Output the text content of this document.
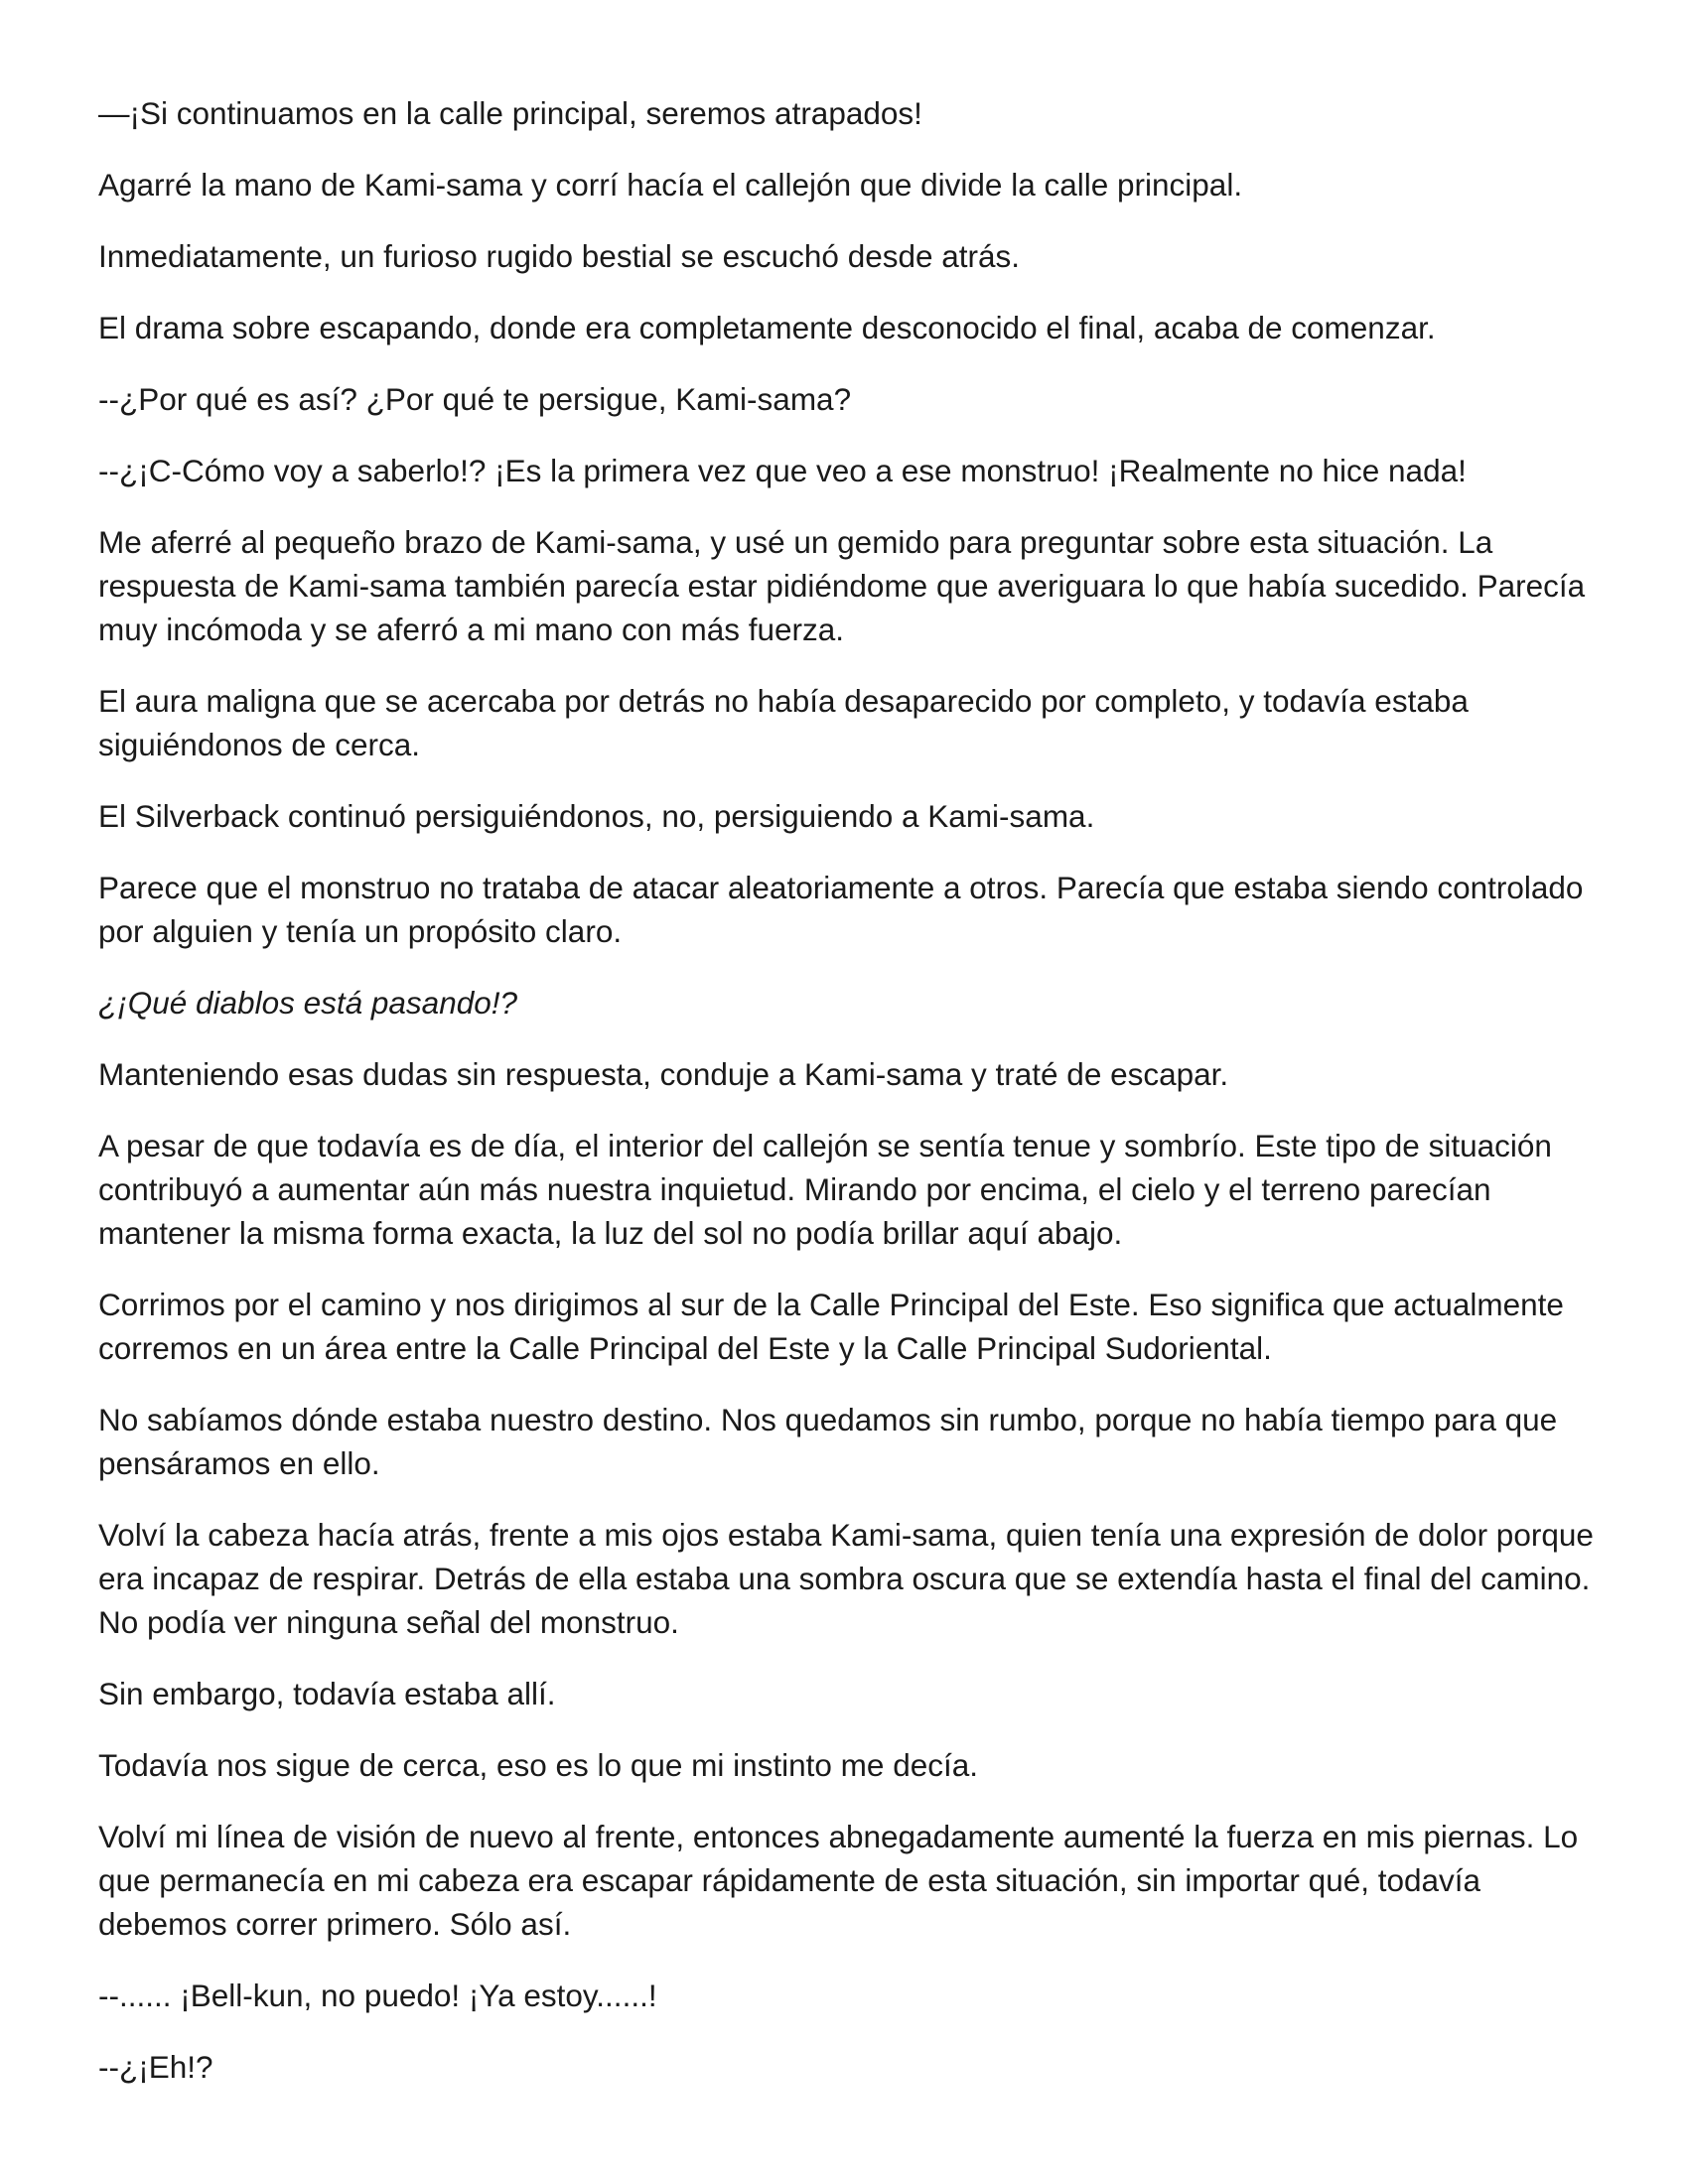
—¡Si continuamos en la calle principal, seremos atrapados!

Agarré la mano de Kami-sama y corrí hacía el callejón que divide la calle principal.

Inmediatamente, un furioso rugido bestial se escuchó desde atrás.

El drama sobre escapando, donde era completamente desconocido el final, acaba de comenzar.

--¿Por qué es así? ¿Por qué te persigue, Kami-sama?

--¿¡C-Cómo voy a saberlo!? ¡Es la primera vez que veo a ese monstruo! ¡Realmente no hice nada!

Me aferré al pequeño brazo de Kami-sama, y usé un gemido para preguntar sobre esta situación. La respuesta de Kami-sama también parecía estar pidiéndome que averiguara lo que había sucedido. Parecía muy incómoda y se aferró a mi mano con más fuerza.

El aura maligna que se acercaba por detrás no había desaparecido por completo, y todavía estaba siguiéndonos de cerca.

El Silverback continuó persiguiéndonos, no, persiguiendo a Kami-sama.

Parece que el monstruo no trataba de atacar aleatoriamente a otros. Parecía que estaba siendo controlado por alguien y tenía un propósito claro.

¿¡Qué diablos está pasando!?

Manteniendo esas dudas sin respuesta, conduje a Kami-sama y traté de escapar.

A pesar de que todavía es de día, el interior del callejón se sentía tenue y sombrío. Este tipo de situación contribuyó a aumentar aún más nuestra inquietud. Mirando por encima, el cielo y el terreno parecían mantener la misma forma exacta, la luz del sol no podía brillar aquí abajo.

Corrimos por el camino y nos dirigimos al sur de la Calle Principal del Este. Eso significa que actualmente corremos en un área entre la Calle Principal del Este y la Calle Principal Sudoriental.

No sabíamos dónde estaba nuestro destino. Nos quedamos sin rumbo, porque no había tiempo para que pensáramos en ello.

Volví la cabeza hacía atrás, frente a mis ojos estaba Kami-sama, quien tenía una expresión de dolor porque era incapaz de respirar. Detrás de ella estaba una sombra oscura que se extendía hasta el final del camino. No podía ver ninguna señal del monstruo.

Sin embargo, todavía estaba allí.

Todavía nos sigue de cerca, eso es lo que mi instinto me decía.

Volví mi línea de visión de nuevo al frente, entonces abnegadamente aumenté la fuerza en mis piernas. Lo que permanecía en mi cabeza era escapar rápidamente de esta situación, sin importar qué, todavía debemos correr primero. Sólo así.

--...... ¡Bell-kun, no puedo! ¡Ya estoy......!

--¿¡Eh!?
